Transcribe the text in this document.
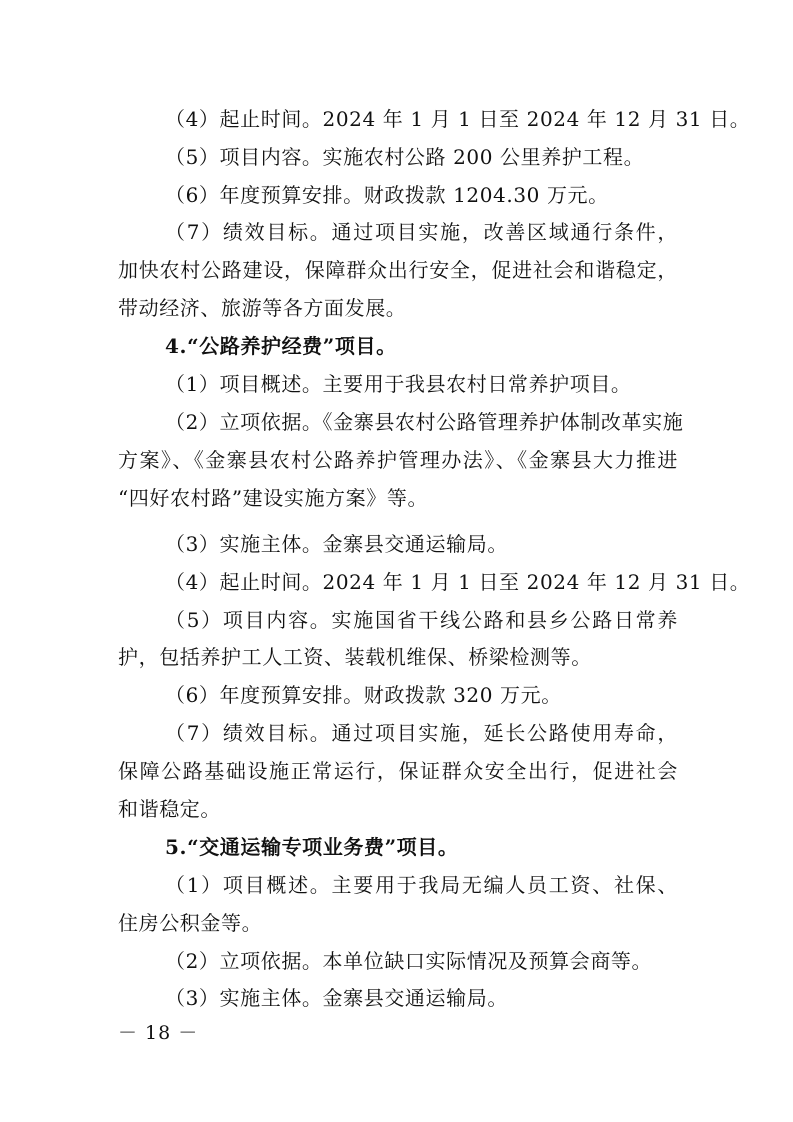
（4）起止时间。2024 年 1 月 1 日至 2024 年 12 月 31 日。
（5）项目内容。实施农村公路 200 公里养护工程。
（6）年度预算安排。财政拨款 1204.30 万元。
（7）绩效目标。通过项目实施，改善区域通行条件，
加快农村公路建设，保障群众出行安全，促进社会和谐稳定，
带动经济、旅游等各方面发展。
4.“公路养护经费”项目。
（1）项目概述。主要用于我县农村日常养护项目。
（2）立项依据。《金寨县农村公路管理养护体制改革实施
方案》、《金寨县农村公路养护管理办法》、《金寨县大力推进
“四好农村路”建设实施方案》等。
（3）实施主体。金寨县交通运输局。
（4）起止时间。2024 年 1 月 1 日至 2024 年 12 月 31 日。
（5）项目内容。实施国省干线公路和县乡公路日常养
护，包括养护工人工资、装载机维保、桥梁检测等。
（6）年度预算安排。财政拨款 320 万元。
（7）绩效目标。通过项目实施，延长公路使用寿命，
保障公路基础设施正常运行，保证群众安全出行，促进社会
和谐稳定。
5.“交通运输专项业务费”项目。
（1）项目概述。主要用于我局无编人员工资、社保、
住房公积金等。
（2）立项依据。本单位缺口实际情况及预算会商等。
（3）实施主体。金寨县交通运输局。
－ 18 －
